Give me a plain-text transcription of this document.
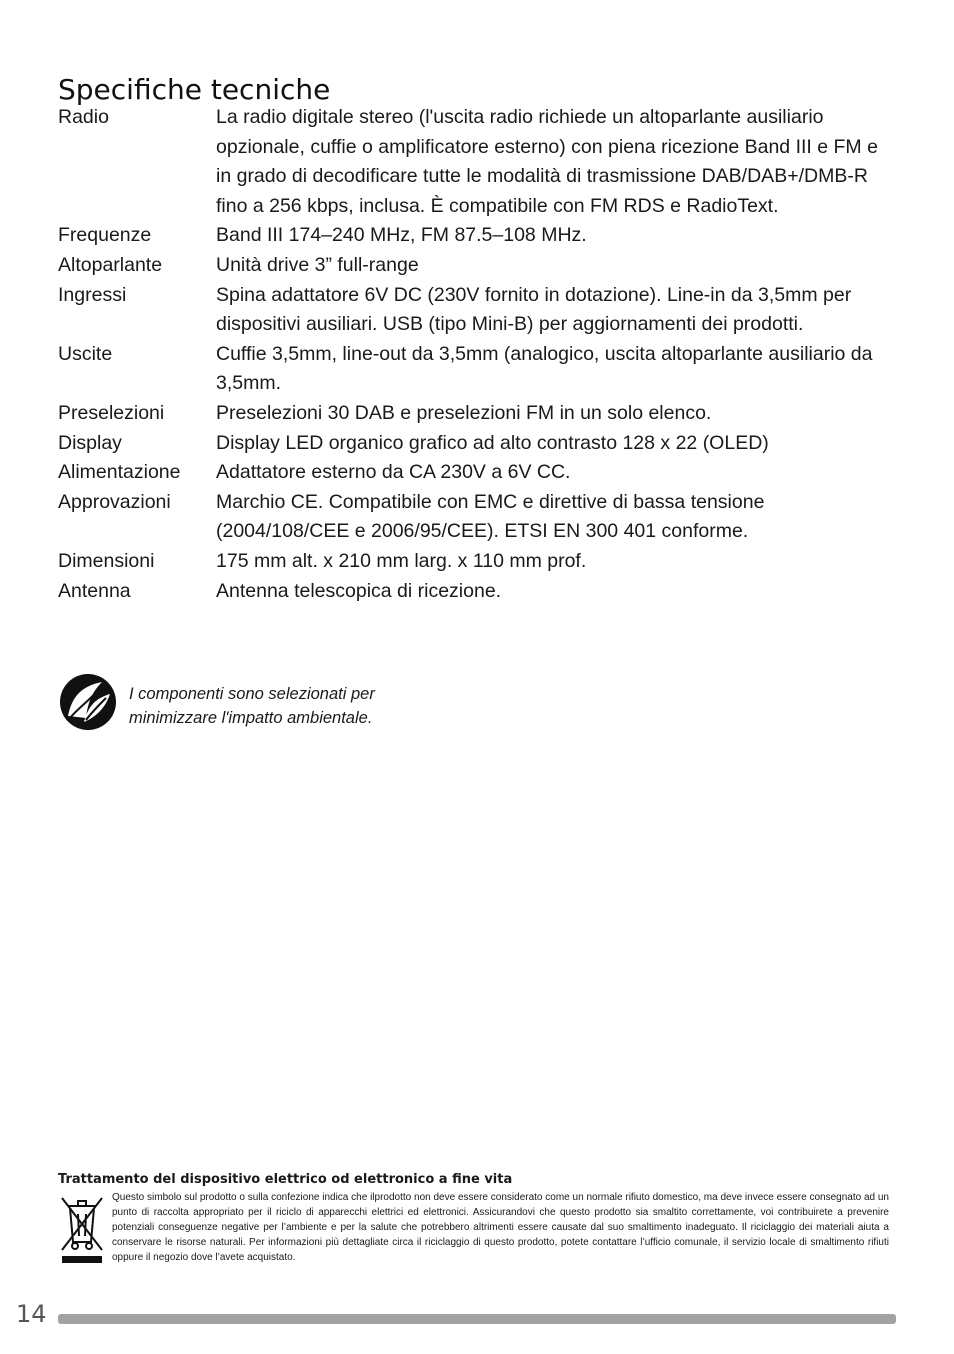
Specifiche tecniche
Radio	La radio digitale stereo (l'uscita radio richiede un altoparlante ausiliario opzionale, cuffie o amplificatore esterno) con piena ricezione Band III e FM e in grado di decodificare tutte le modalità di trasmissione DAB/DAB+/DMB-R fino a 256 kbps, inclusa. È compatibile con FM RDS e RadioText.
Frequenze	Band III 174–240 MHz, FM 87.5–108 MHz.
Altoparlante	Unità drive 3” full-range
Ingressi	Spina adattatore 6V DC (230V fornito in dotazione). Line-in da 3,5mm per dispositivi ausiliari. USB (tipo Mini-B) per aggiornamenti dei prodotti.
Uscite	Cuffie 3,5mm, line-out da 3,5mm (analogico, uscita altoparlante ausiliario da 3,5mm.
Preselezioni	Preselezioni 30 DAB e preselezioni FM in un solo elenco.
Display	Display LED organico grafico ad alto contrasto 128 x 22 (OLED)
Alimentazione	Adattatore esterno da CA 230V a 6V CC.
Approvazioni	Marchio CE. Compatibile con EMC e direttive di bassa tensione (2004/108/CEE e 2006/95/CEE). ETSI EN 300 401 conforme.
Dimensioni	175 mm alt. x 210 mm larg. x 110 mm prof.
Antenna	Antenna telescopica di ricezione.
I componenti sono selezionati per minimizzare l'impatto ambientale.
Trattamento del dispositivo elettrico od elettronico a fine vita
Questo simbolo sul prodotto o sulla confezione indica che ilprodotto non deve essere considerato come un normale rifiuto domestico, ma deve invece essere consegnato ad un punto di raccolta appropriato per il riciclo di apparecchi elettrici ed elettronici. Assicurandovi che questo prodotto sia smaltito correttamente, voi contribuirete a prevenire potenziali conseguenze negative per l’ambiente e per la salute che potrebbero altrimenti essere causate dal suo smaltimento inadeguato. Il riciclaggio dei materiali aiuta a conservare le risorse naturali. Per informazioni più dettagliate circa il riciclaggio di questo prodotto, potete contattare l’ufficio comunale, il servizio locale di smaltimento rifiuti oppure il negozio dove l’avete acquistato.
14
